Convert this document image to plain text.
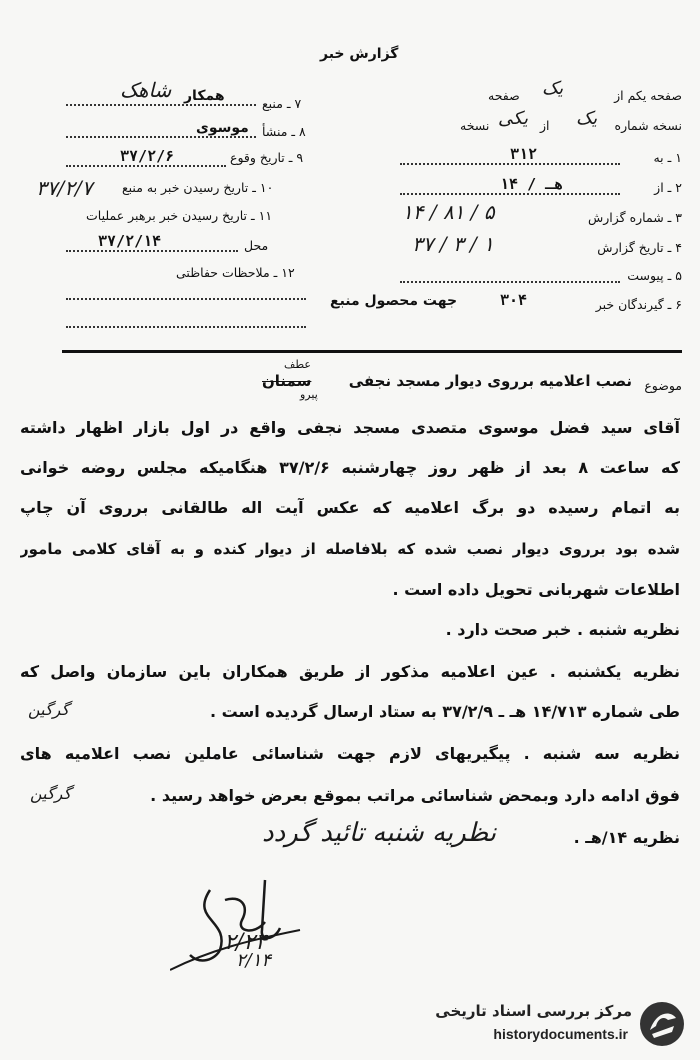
گزارش خبر
صفحه یکم از
یک
صفحه
نسخه شماره
یک
از
یکی
نسخه
۱ ـ به
۳۱۲
۲ ـ از
۱۴ / هـ
۳ ـ شماره گزارش
۱۴ / ۸۱ / ۵
۴ ـ تاریخ گزارش
۳۷ / ۳ / ۱
۵ ـ پیوست
۶ ـ گیرندگان خبر
۳۰۴
جهت محصول منبع
۷ ـ منبع
همکار
شاهک
۸ ـ منشأ
موسوی
۹ ـ تاریخ وقوع
۳۷/۲/۶
۱۰ ـ تاریخ رسیدن خبر به منبع
۳۷/۲/۷
۱۱ ـ تاریخ رسیدن خبر برهبر عملیات
محل
۳۷/۲/۱۴
۱۲ ـ ملاحظات حفاظتی
موضوع
نصب اعلامیه برروی دیوار مسجد نجفی
سمنان
عطف
پیرو
آقای سید فضل موسوی متصدی مسجد نجفی واقع در اول بازار اظهار داشته
که ساعت ۸ بعد از ظهر روز چهارشنبه ۳۷/۲/۶ هنگامیکه مجلس روضه خوانی
به اتمام رسیده دو برگ اعلامیه که عکس آیت اله طالقانی برروی آن چاپ
شده بود برروی دیوار نصب شده که بلافاصله از دیوار کنده و به آقای کلامی مامور
اطلاعات شهربانی تحویل داده است .
نظریه شنبه . خبر صحت دارد .
نظریه یکشنبه . عین اعلامیه مذکور از طریق همکاران باین سازمان واصل که
طی شماره ۱۴/۷۱۳ هـ ـ ۳۷/۲/۹ به ستاد ارسال گردیده است .
نظریه سه شنبه . پیگیریهای لازم جهت شناسائی عاملین نصب اعلامیه های
فوق ادامه دارد وبمحض شناسائی مراتب بموقع بعرض خواهد رسید .
نظریه ۱۴/هـ .
گرگین
گرگین
نظریه شنبه تائید گردد
۲/۲۴
۲/۱۴
مرکز بررسی اسناد تاریخی
historydocuments.ir
